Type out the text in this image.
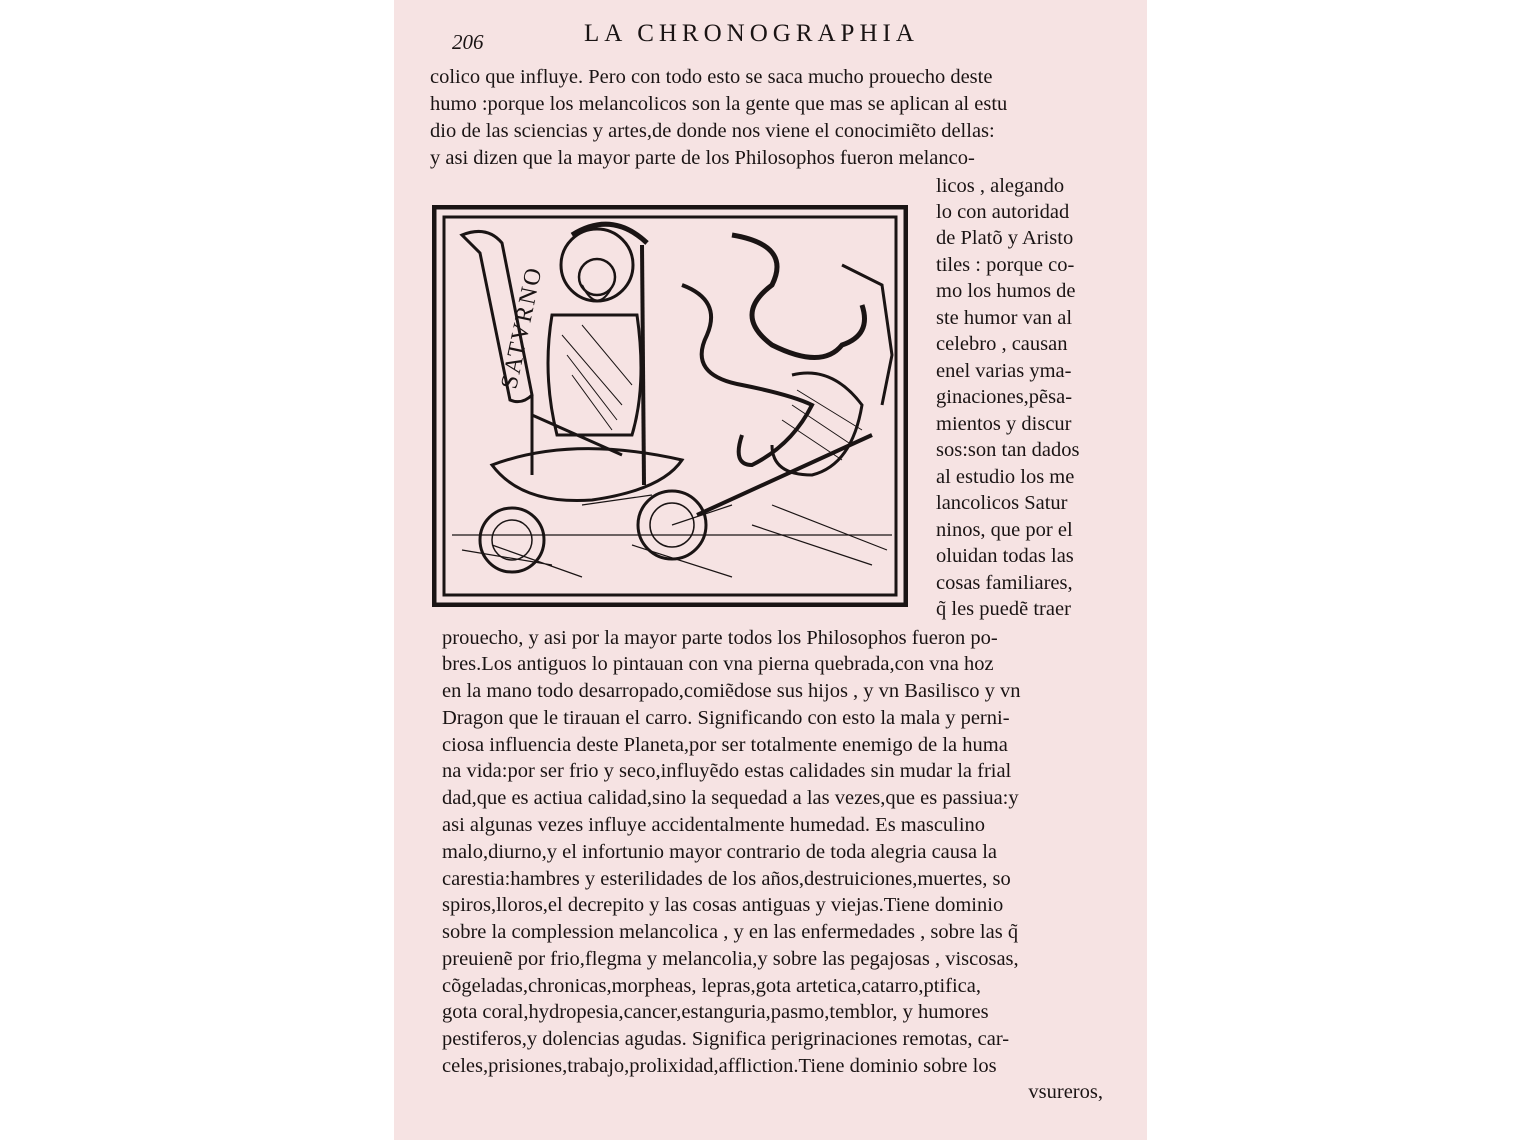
206	LA CHRONOGRAPHIA
colico que influye. Pero con todo esto se saca mucho prouecho deste
humo :porque los melancolicos son la gente que mas se aplican al estu
dio de las sciencias y artes,de donde nos viene el conocimiẽto dellas:
y asi dizen que la mayor parte de los Philosophos fueron melanco-
SATVRNO
licos , alegando
lo con autoridad
de Platõ y Aristo
tiles : porque co-
mo los humos de
ste humor van al
celebro , causan
enel varias yma-
ginaciones,pẽsa-
mientos y discur
sos:son tan dados
al estudio los me
lancolicos Satur
ninos, que por el
oluidan todas las
cosas familiares,
q̃ les puedẽ traer
prouecho, y asi por la mayor parte todos los Philosophos fueron po-
bres.Los antiguos lo pintauan con vna pierna quebrada,con vna hoz
en la mano todo desarropado,comiẽdose sus hijos , y vn Basilisco y vn
Dragon que le tirauan el carro. Significando con esto la mala y perni-
ciosa influencia deste Planeta,por ser totalmente enemigo de la huma
na vida:por ser frio y seco,influyẽdo estas calidades sin mudar la frial
dad,que es actiua calidad,sino la sequedad a las vezes,que es passiua:y
asi algunas vezes influye accidentalmente humedad. Es masculino
malo,diurno,y el infortunio mayor contrario de toda alegria causa la
carestia:hambres y esterilidades de los años,destruiciones,muertes, so
spiros,lloros,el decrepito y las cosas antiguas y viejas.Tiene dominio
sobre la complession melancolica , y en las enfermedades , sobre las q̃
preuienẽ por frio,flegma y melancolia,y sobre las pegajosas , viscosas,
cõgeladas,chronicas,morpheas, lepras,gota artetica,catarro,ptifica,
gota coral,hydropesia,cancer,estanguria,pasmo,temblor, y humores
pestiferos,y dolencias agudas. Significa perigrinaciones remotas, car-
celes,prisiones,trabajo,prolixidad,affliction.Tiene dominio sobre los
vsureros,
